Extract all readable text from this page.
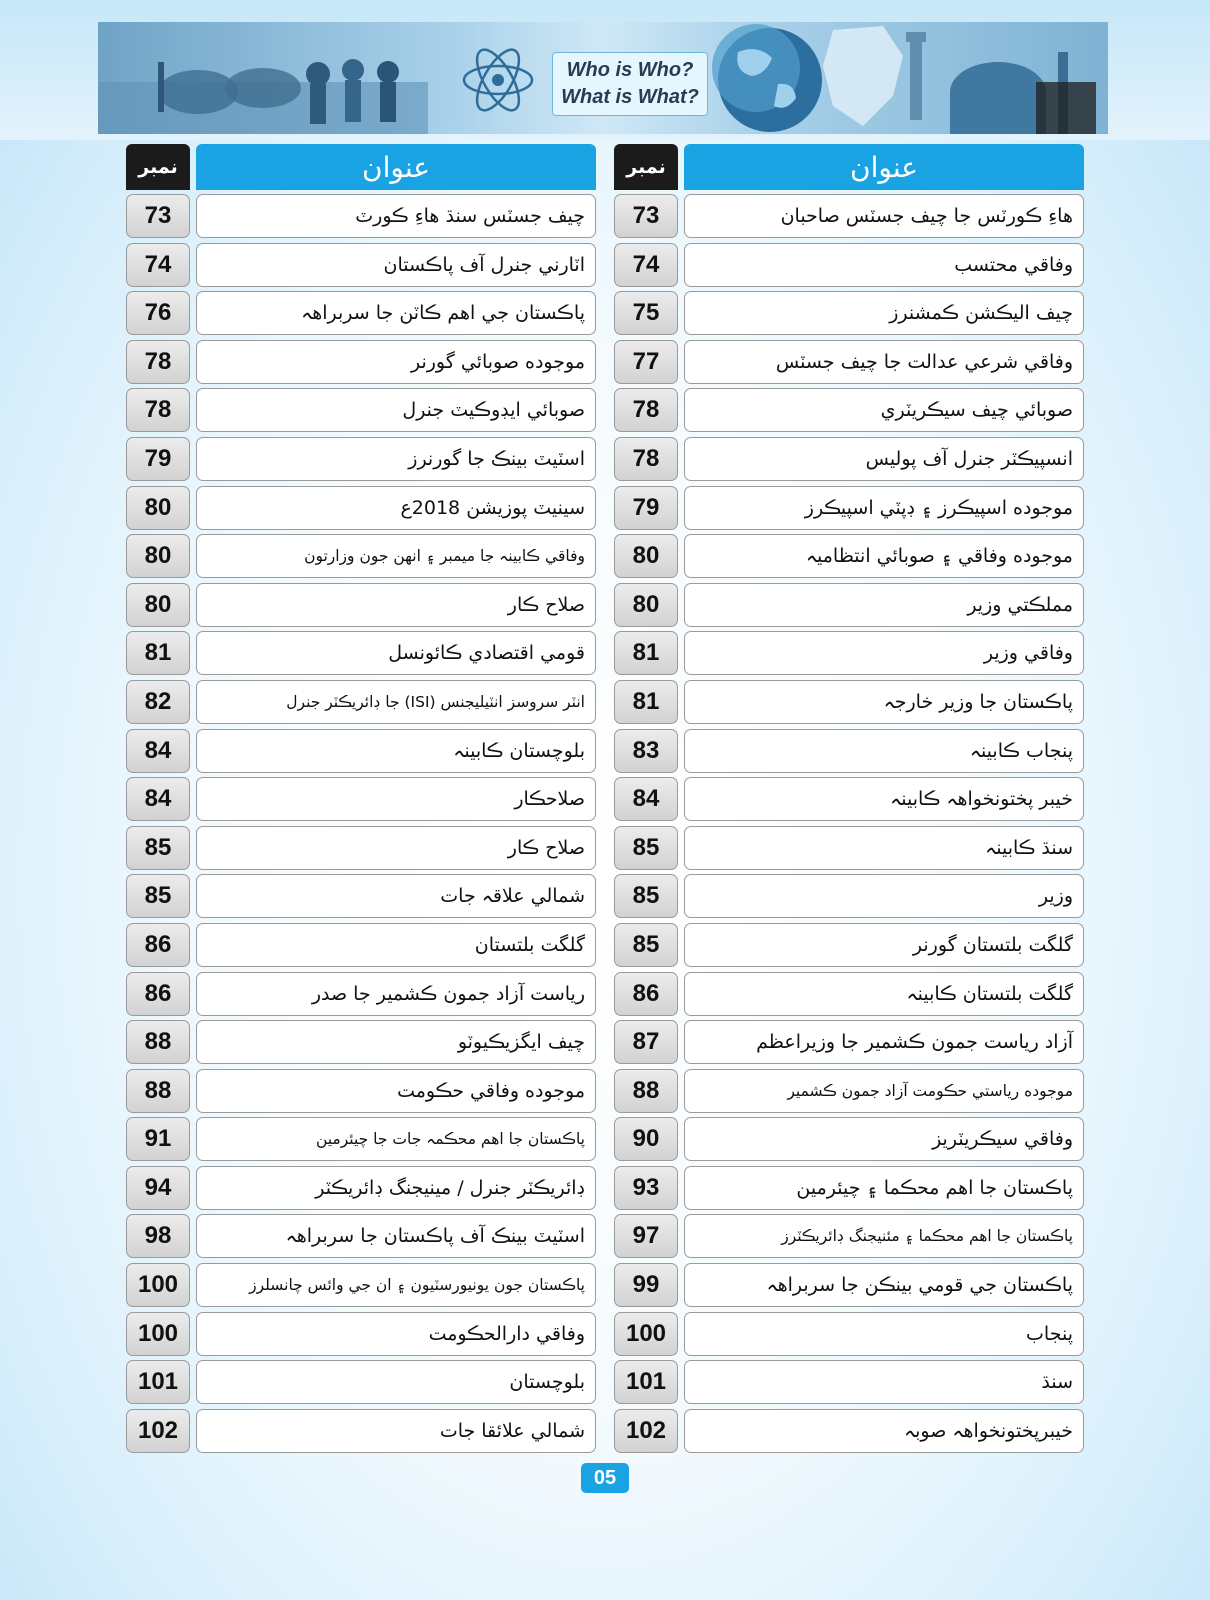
Who is Who?
What is What?
نمبر	عنوان
73	هاءِ ڪورٽس جا چيف جسٽس صاحبان
74	وفاقي محتسب
75	چيف اليڪشن ڪمشنرز
77	وفاقي شرعي عدالت جا چيف جسٽس
78	صوبائي چيف سيڪريٽري
78	انسپيڪٽر جنرل آف پوليس
79	موجوده اسپيڪرز ۽ ڊپٽي اسپيڪرز
80	موجوده وفاقي ۽ صوبائي انتظاميہ
80	مملڪتي وزير
81	وفاقي وزير
81	پاڪستان جا وزير خارجہ
83	پنجاب ڪابينہ
84	خيبر پختونخواهہ ڪابينہ
85	سنڌ ڪابينہ
85	وزير
85	گلگت بلتستان گورنر
86	گلگت بلتستان ڪابينہ
87	آزاد رياست جمون ڪشمير جا وزيراعظم
88	موجوده رياستي حڪومت آزاد جمون ڪشمير
90	وفاقي سيڪريٽريز
93	پاڪستان جا اهم محڪما ۽ چيئرمين
97	پاڪستان جا اهم محڪما ۽ مئنيجنگ ڊائريڪٽرز
99	پاڪستان جي قومي بينڪن جا سربراهہ
100	پنجاب
101	سنڌ
102	خيبرپختونخواهہ صوبہ
نمبر	عنوان
73	چيف جسٽس سنڌ هاءِ ڪورٽ
74	اٽارني جنرل آف پاڪستان
76	پاڪستان جي اهم ڪاٽن جا سربراهہ
78	موجوده صوبائي گورنر
78	صوبائي ايڊوڪيٽ جنرل
79	اسٽيٽ بينڪ جا گورنرز
80	سينيٽ پوزيشن 2018ع
80	وفاقي ڪابينہ جا ميمبر ۽ انهن جون وزارتون
80	صلاح ڪار
81	قومي اقتصادي ڪائونسل
82	انٽر سروسز انٽيليجنس (ISI) جا ڊائريڪٽر جنرل
84	بلوچستان ڪابينہ
84	صلاحڪار
85	صلاح ڪار
85	شمالي علاقہ جات
86	گلگت بلتستان
86	رياست آزاد جمون ڪشمير جا صدر
88	چيف ايگزيڪيوٽو
88	موجوده وفاقي حڪومت
91	پاڪستان جا اهم محڪمہ جات جا چيئرمين
94	ڊائريڪٽر جنرل / مينيجنگ ڊائريڪٽر
98	اسٽيٽ بينڪ آف پاڪستان جا سربراهہ
100	پاڪستان جون يونيورسٽيون ۽ ان جي وائس چانسلرز
100	وفاقي دارالحڪومت
101	بلوچستان
102	شمالي علائقا جات
05
